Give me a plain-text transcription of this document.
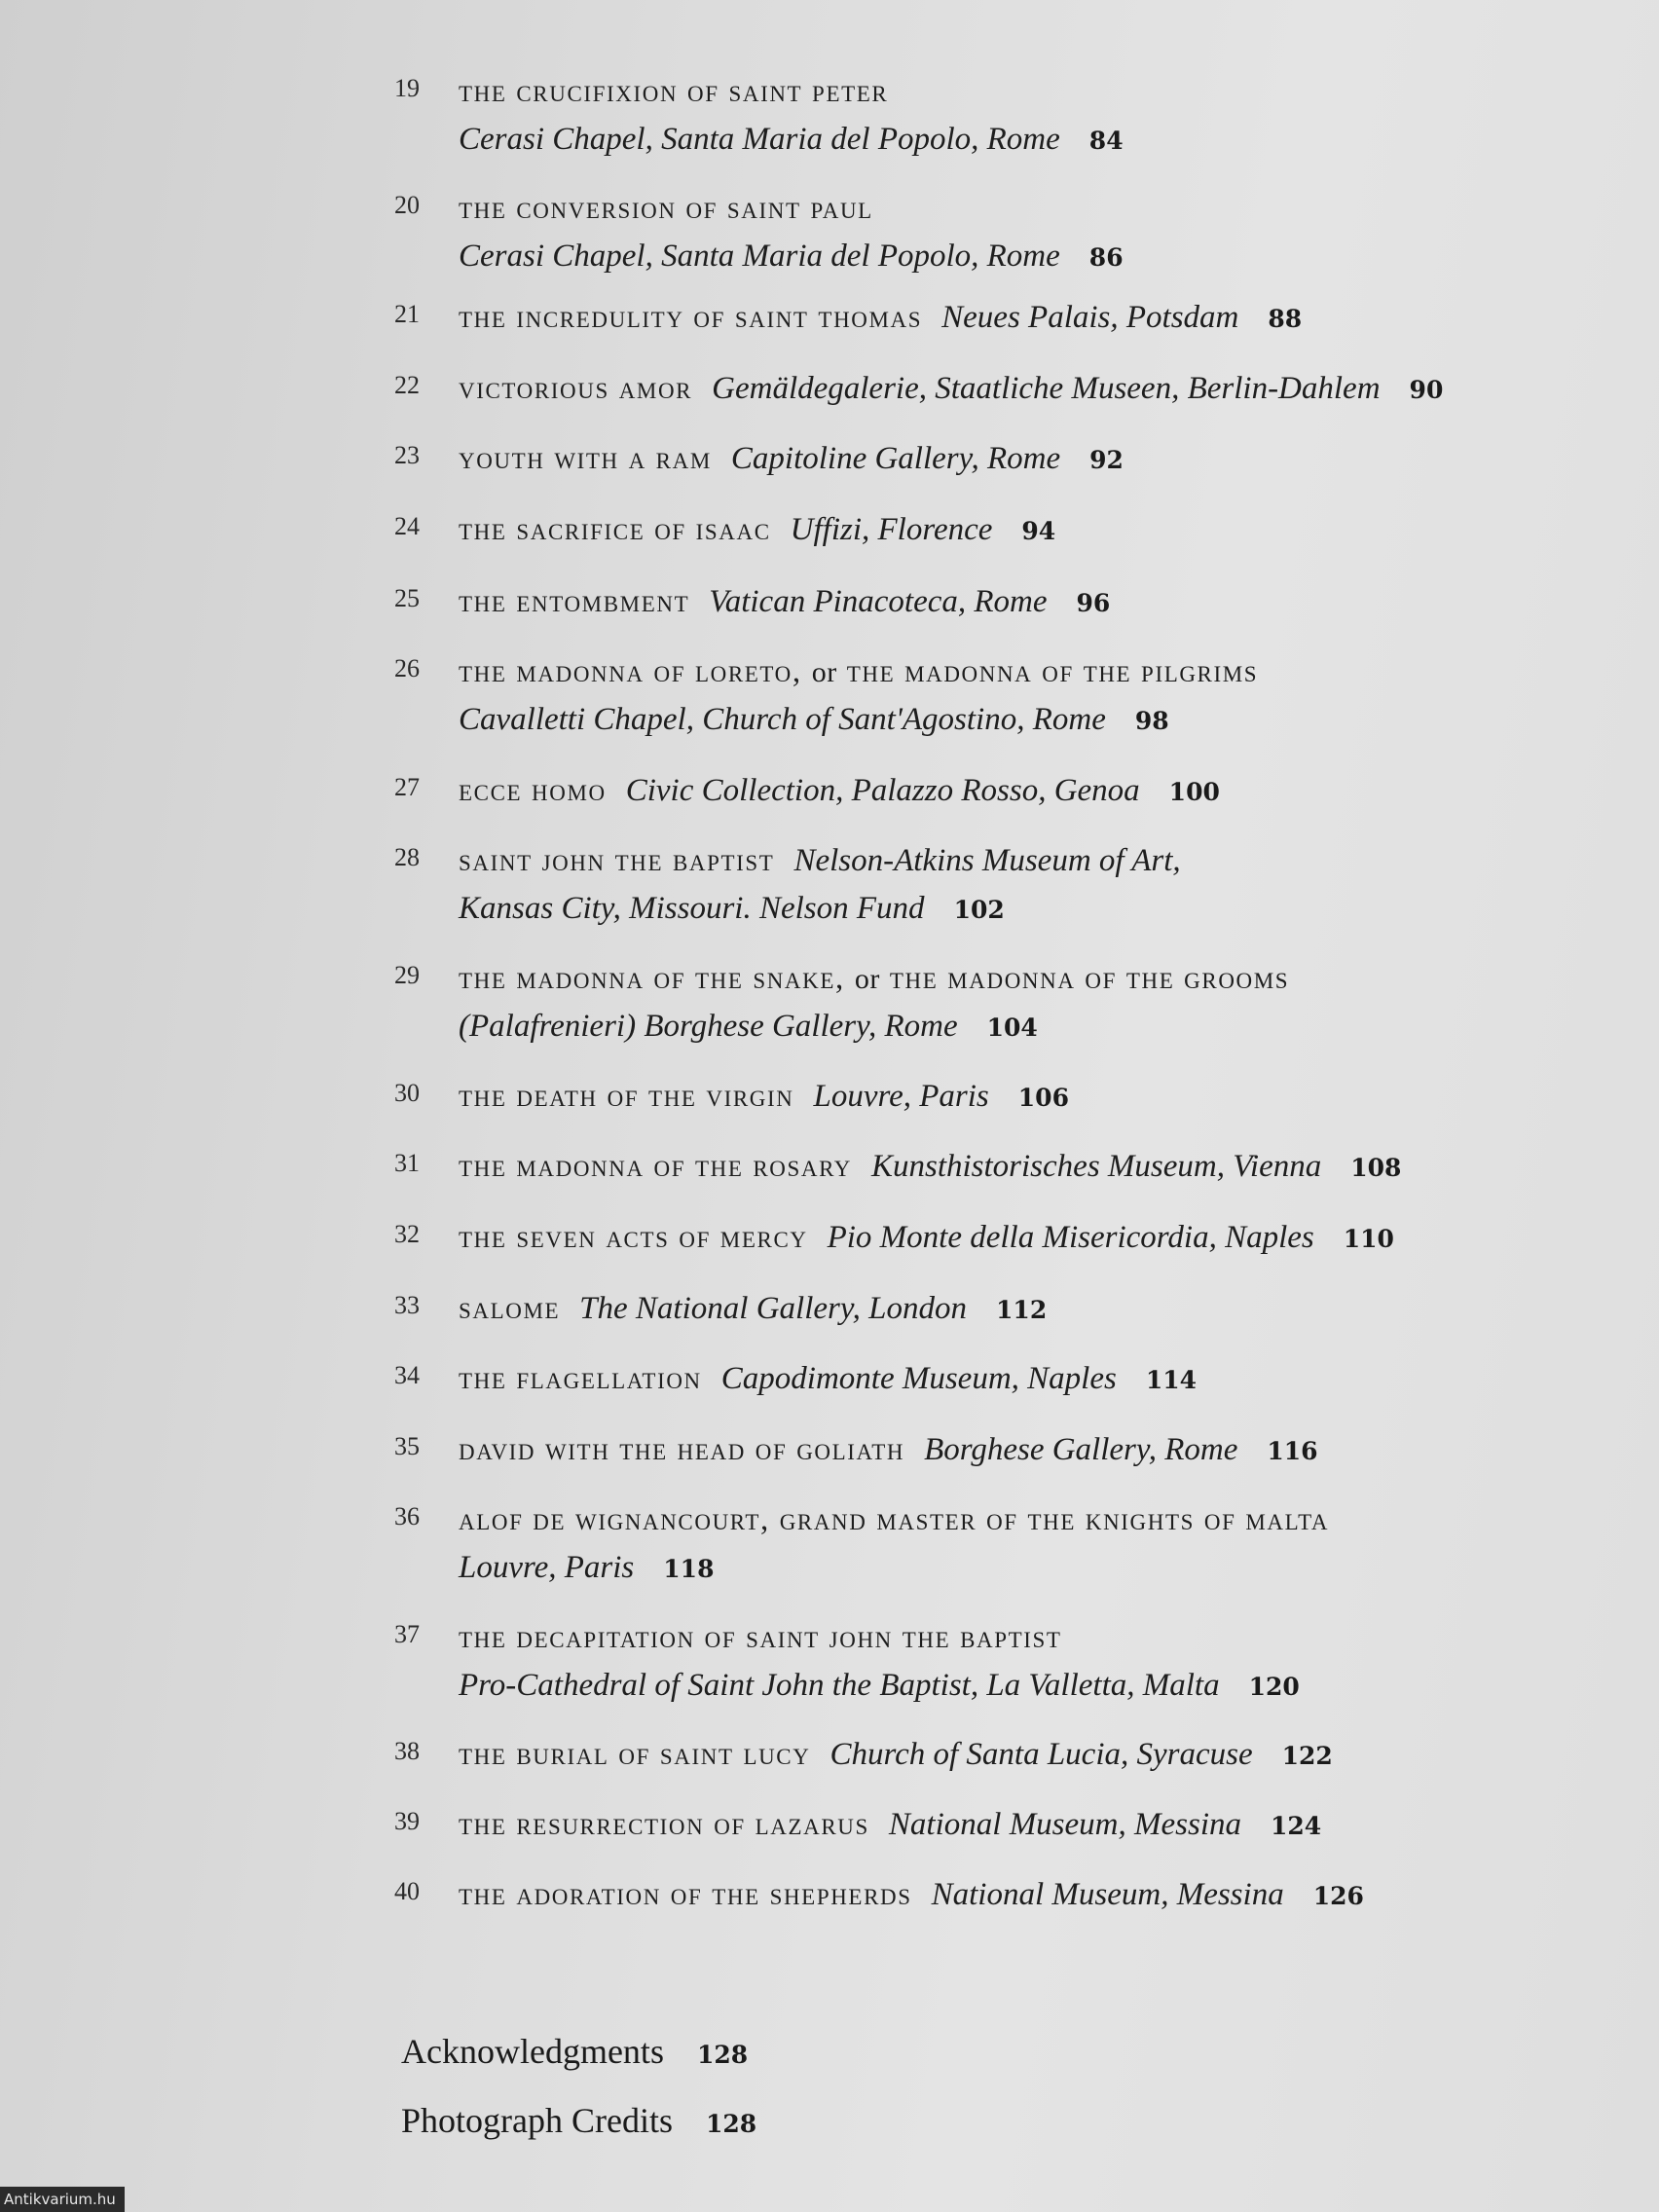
19	the crucifixion of saint peter
Cerasi Chapel, Santa Maria del Popolo, Rome 84
20	the conversion of saint paul
Cerasi Chapel, Santa Maria del Popolo, Rome 86
21	the incredulity of saint thomas Neues Palais, Potsdam 88
22	victorious amor Gemäldegalerie, Staatliche Museen, Berlin-Dahlem 90
23	youth with a ram Capitoline Gallery, Rome 92
24	the sacrifice of isaac Uffizi, Florence 94
25	the entombment Vatican Pinacoteca, Rome 96
26	the madonna of loreto, or the madonna of the pilgrims
Cavalletti Chapel, Church of Sant'Agostino, Rome 98
27	ecce homo Civic Collection, Palazzo Rosso, Genoa 100
28	saint john the baptist Nelson-Atkins Museum of Art,
Kansas City, Missouri. Nelson Fund 102
29	the madonna of the snake, or the madonna of the grooms
(Palafrenieri) Borghese Gallery, Rome 104
30	the death of the virgin Louvre, Paris 106
31	the madonna of the rosary Kunsthistorisches Museum, Vienna 108
32	the seven acts of mercy Pio Monte della Misericordia, Naples 110
33	salome The National Gallery, London 112
34	the flagellation Capodimonte Museum, Naples 114
35	david with the head of goliath Borghese Gallery, Rome 116
36	alof de wignancourt, grand master of the knights of malta
Louvre, Paris 118
37	the decapitation of saint john the baptist
Pro-Cathedral of Saint John the Baptist, La Valletta, Malta 120
38	the burial of saint lucy Church of Santa Lucia, Syracuse 122
39	the resurrection of lazarus National Museum, Messina 124
40	the adoration of the shepherds National Museum, Messina 126
Acknowledgments 128
Photograph Credits 128
Antikvarium.hu
